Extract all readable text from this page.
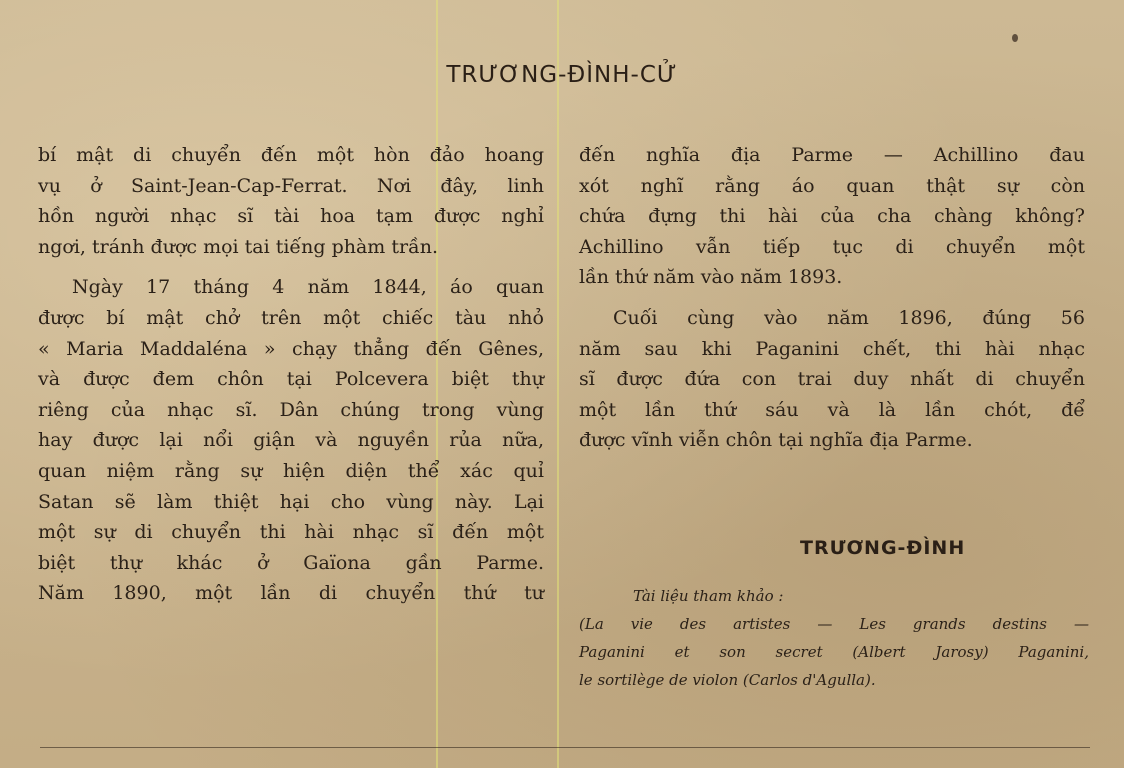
TRƯƠNG-ĐÌNH-CỬ
bí mật di chuyển đến một hòn đảo hoang
vụ ở Saint-Jean-Cap-Ferrat. Nơi đây, linh
hồn người nhạc sĩ tài hoa tạm được nghỉ
ngơi, tránh được mọi tai tiếng phàm trần.
Ngày 17 tháng 4 năm 1844, áo quan
được bí mật chở trên một chiếc tàu nhỏ
« Maria Maddaléna » chạy thẳng đến Gênes,
và được đem chôn tại Polcevera biệt thự
riêng của nhạc sĩ. Dân chúng trong vùng
hay được lại nổi giận và nguyền rủa nữa,
quan niệm rằng sự hiện diện thể xác quỉ
Satan sẽ làm thiệt hại cho vùng này. Lại
một sự di chuyển thi hài nhạc sĩ đến một
biệt thự khác ở Gaïona gần Parme.
Năm 1890, một lần di chuyển thứ tư
đến nghĩa địa Parme — Achillino đau
xót nghĩ rằng áo quan thật sự còn
chứa đựng thi hài của cha chàng không?
Achillino vẫn tiếp tục di chuyển một
lần thứ năm vào năm 1893.
Cuối cùng vào năm 1896, đúng 56
năm sau khi Paganini chết, thi hài nhạc
sĩ được đứa con trai duy nhất di chuyển
một lần thứ sáu và là lần chót, để
được vĩnh viễn chôn tại nghĩa địa Parme.
TRƯƠNG-ĐÌNH
Tài liệu tham khảo :
(La vie des artistes — Les grands destins —
Paganini et son secret (Albert Jarosy) Paganini,
le sortilège de violon (Carlos d'Agulla).
